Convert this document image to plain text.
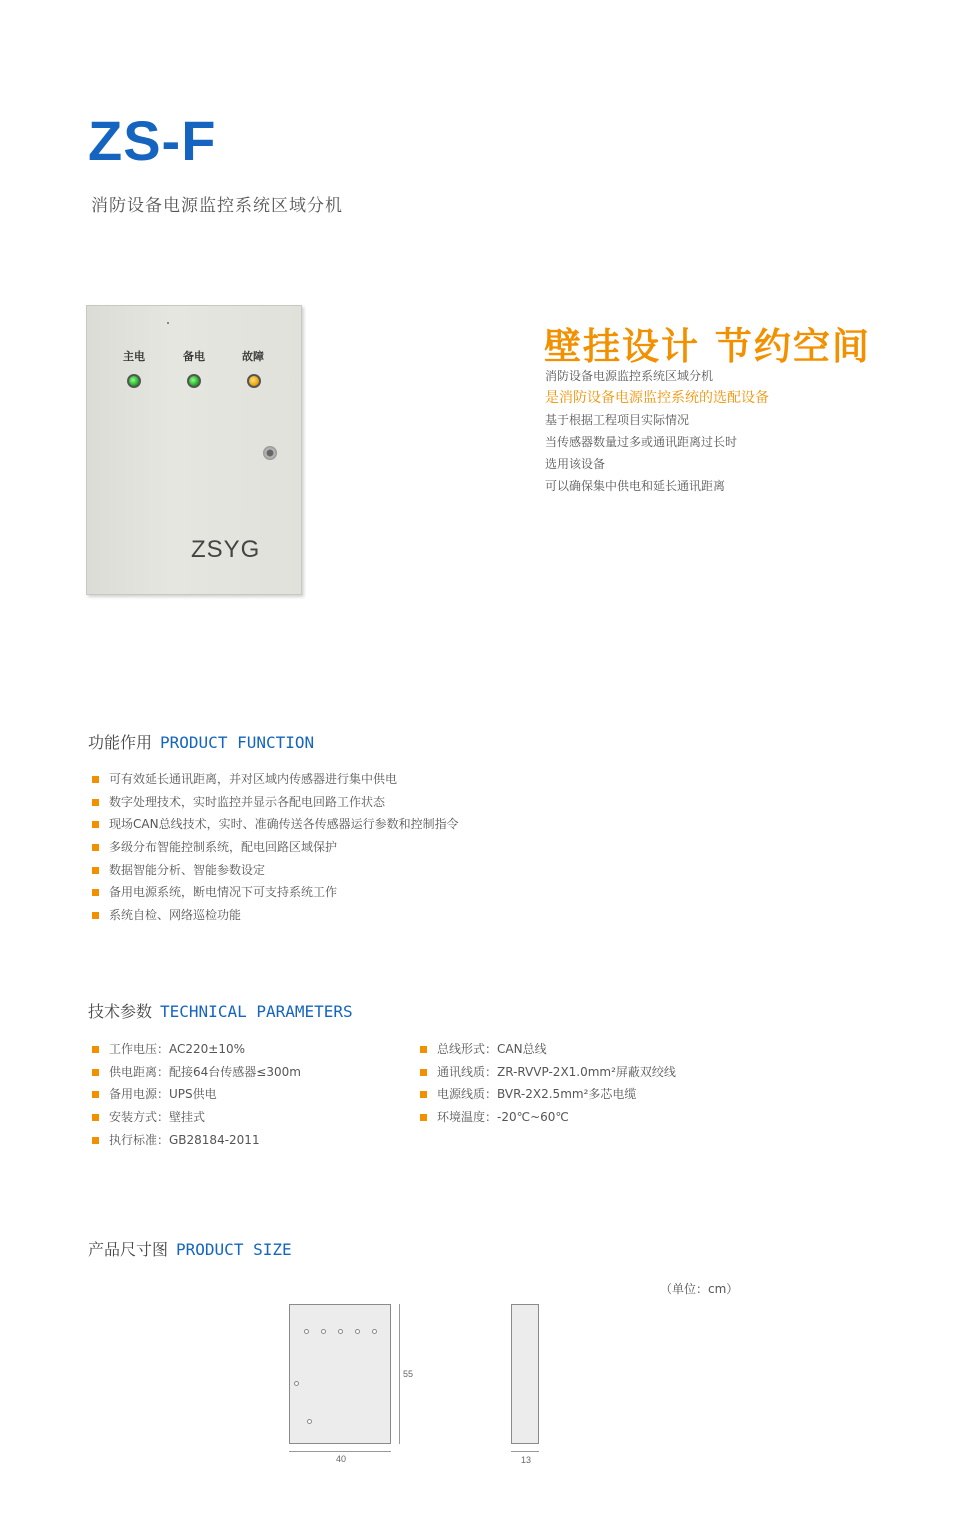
ZS-F
消防设备电源监控系统区域分机
主电	备电	故障
ZSYG
壁挂设计 节约空间
消防设备电源监控系统区域分机
是消防设备电源监控系统的选配设备
基于根据工程项目实际情况
当传感器数量过多或通讯距离过长时
选用该设备
可以确保集中供电和延长通讯距离
功能作用 PRODUCT FUNCTION
可有效延长通讯距离，并对区域内传感器进行集中供电
数字处理技术，实时监控并显示各配电回路工作状态
现场CAN总线技术，实时、准确传送各传感器运行参数和控制指令
多级分布智能控制系统，配电回路区域保护
数据智能分析、智能参数设定
备用电源系统，断电情况下可支持系统工作
系统自检、网络巡检功能
技术参数 TECHNICAL PARAMETERS
工作电压：AC220±10%
供电距离：配接64台传感器≤300m
备用电源：UPS供电
安装方式：壁挂式
执行标准：GB28184-2011
总线形式：CAN总线
通讯线质：ZR-RVVP-2X1.0mm²屏蔽双绞线
电源线质：BVR-2X2.5mm²多芯电缆
环境温度：-20℃~60℃
产品尺寸图 PRODUCT SIZE
（单位：cm）
55
40	13
